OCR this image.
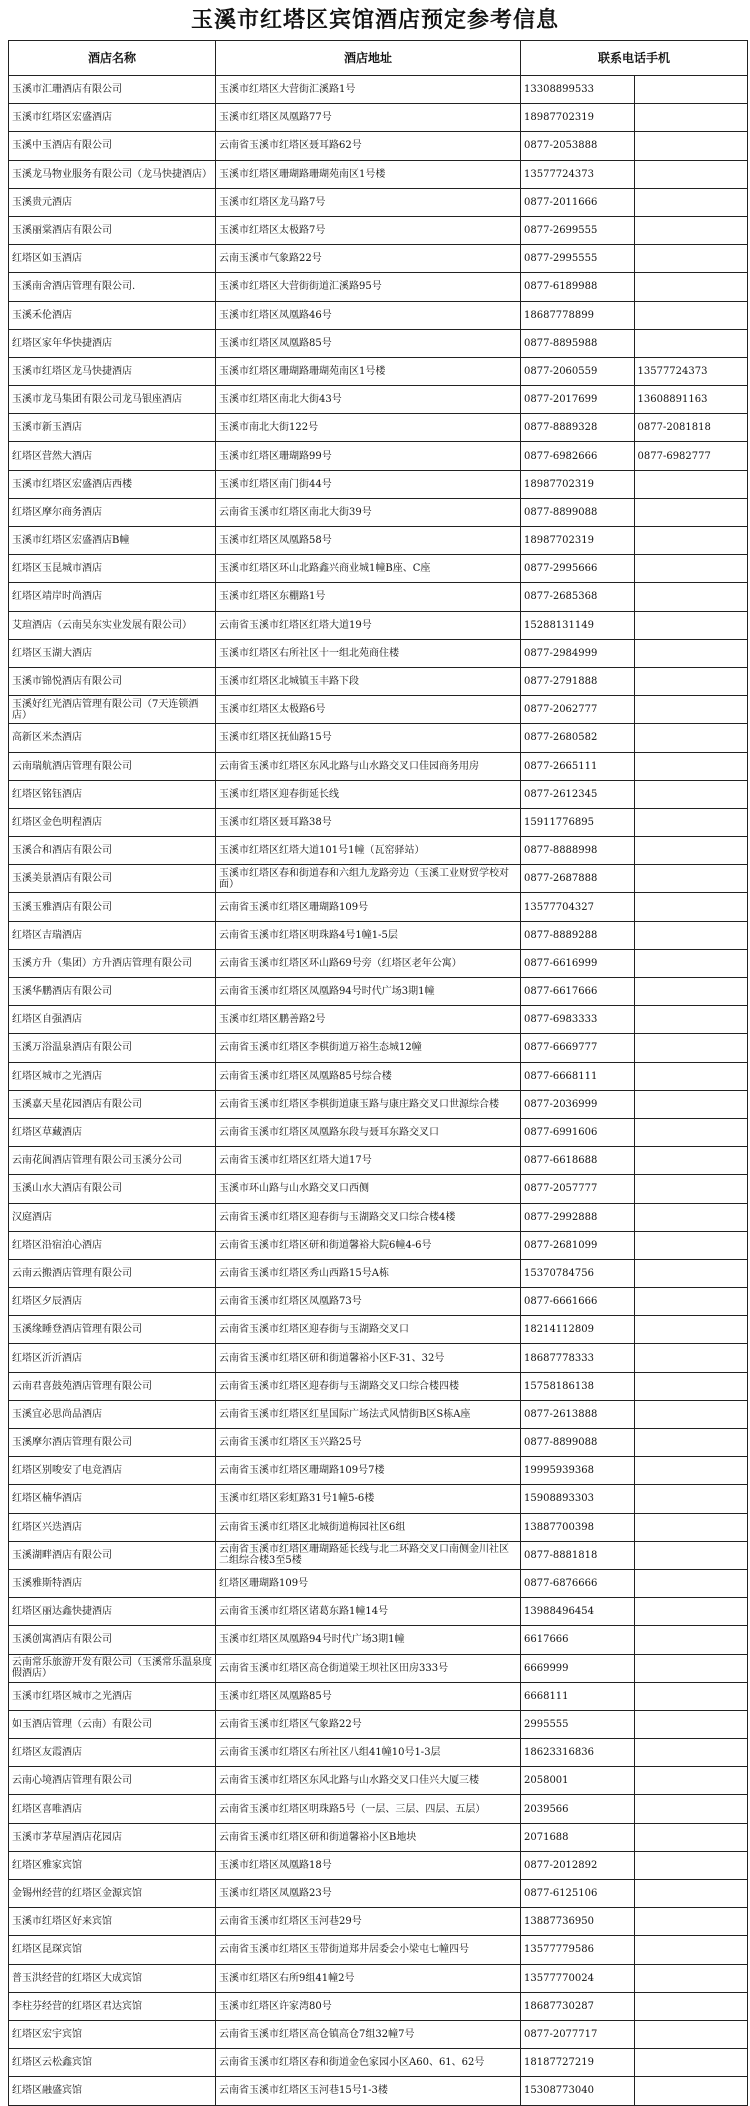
玉溪市红塔区宾馆酒店预定参考信息
酒店名称	酒店地址	联系电话手机	
玉溪市汇珊酒店有限公司	玉溪市红塔区大营街汇溪路1号	13308899533	
玉溪市红塔区宏盛酒店	玉溪市红塔区凤凰路77号	18987702319	
玉溪中玉酒店有限公司	云南省玉溪市红塔区聂耳路62号	0877-2053888	
玉溪龙马物业服务有限公司（龙马快捷酒店）	玉溪市红塔区珊瑚路珊瑚苑南区1号楼	13577724373	
玉溪贵元酒店	玉溪市红塔区龙马路7号	0877-2011666	
玉溪丽棠酒店有限公司	玉溪市红塔区太极路7号	0877-2699555	
红塔区如玉酒店	云南玉溪市气象路22号	0877-2995555	
玉溪南舍酒店管理有限公司.	玉溪市红塔区大营街街道汇溪路95号	0877-6189988	
玉溪禾伦酒店	玉溪市红塔区凤凰路46号	18687778899	
红塔区家年华快捷酒店	玉溪市红塔区凤凰路85号	0877-8895988	
玉溪市红塔区龙马快捷酒店	玉溪市红塔区珊瑚路珊瑚苑南区1号楼	0877-2060559	13577724373
玉溪市龙马集团有限公司龙马银座酒店	玉溪市红塔区南北大街43号	0877-2017699	13608891163
玉溪市新玉酒店	玉溪市南北大街122号	0877-8889328	0877-2081818
红塔区营然大酒店	玉溪市红塔区珊瑚路99号	0877-6982666	0877-6982777
玉溪市红塔区宏盛酒店西楼	玉溪市红塔区南门街44号	18987702319	
红塔区摩尔商务酒店	云南省玉溪市红塔区南北大街39号	0877-8899088	
玉溪市红塔区宏盛酒店B幢	玉溪市红塔区凤凰路58号	18987702319	
红塔区玉昆城市酒店	玉溪市红塔区环山北路鑫兴商业城1幢B座、C座	0877-2995666	
红塔区靖岸时尚酒店	玉溪市红塔区东棚路1号	0877-2685368	
艾瑄酒店（云南吴东实业发展有限公司）	云南省玉溪市红塔区红塔大道19号	15288131149	
红塔区玉湖大酒店	玉溪市红塔区右所社区十一组北苑商住楼	0877-2984999	
玉溪市锦悦酒店有限公司	玉溪市红塔区北城镇玉丰路下段	0877-2791888	
玉溪好红光酒店管理有限公司（7天连锁酒店）	玉溪市红塔区太极路6号	0877-2062777	
高新区米杰酒店	玉溪市红塔区抚仙路15号	0877-2680582	
云南瑞航酒店管理有限公司	云南省玉溪市红塔区东风北路与山水路交叉口佳园商务用房	0877-2665111	
红塔区铭钰酒店	玉溪市红塔区迎春街延长线	0877-2612345	
红塔区金色明程酒店	玉溪市红塔区聂耳路38号	15911776895	
玉溪合和酒店有限公司	玉溪市红塔区红塔大道101号1幢（瓦窑驿站）	0877-8888998	
玉溪美景酒店有限公司	玉溪市红塔区春和街道春和六组九龙路旁边（玉溪工业财贸学校对面）	0877-2687888	
玉溪玉雅酒店有限公司	云南省玉溪市红塔区珊瑚路109号	13577704327	
红塔区吉瑞酒店	云南省玉溪市红塔区明珠路4号1幢1-5层	0877-8889288	
玉溪方升（集团）方升酒店管理有限公司	云南省玉溪市红塔区环山路69号旁（红塔区老年公寓）	0877-6616999	
玉溪华鹏酒店有限公司	云南省玉溪市红塔区凤凰路94号时代广场3期1幢	0877-6617666	
红塔区自强酒店	玉溪市红塔区鹏善路2号	0877-6983333	
玉溪万浴温泉酒店有限公司	云南省玉溪市红塔区李棋街道万裕生态城12幢	0877-6669777	
红塔区城市之光酒店	云南省玉溪市红塔区凤凰路85号综合楼	0877-6668111	
玉溪嘉天星花园酒店有限公司	云南省玉溪市红塔区李棋街道康玉路与康庄路交叉口世源综合楼	0877-2036999	
红塔区草藏酒店	云南省玉溪市红塔区凤凰路东段与聂耳东路交叉口	0877-6991606	
云南花阆酒店管理有限公司玉溪分公司	云南省玉溪市红塔区红塔大道17号	0877-6618688	
玉溪山水大酒店有限公司	玉溪市环山路与山水路交叉口西侧	0877-2057777	
汉庭酒店	云南省玉溪市红塔区迎春街与玉湖路交叉口综合楼4楼	0877-2992888	
红塔区沿宿泊心酒店	云南省玉溪市红塔区研和街道馨裕大院6幢4-6号	0877-2681099	
云南云搬酒店管理有限公司	云南省玉溪市红塔区秀山西路15号A栋	15370784756	
红塔区夕辰酒店	云南省玉溪市红塔区凤凰路73号	0877-6661666	
玉溪缘睡登酒店管理有限公司	云南省玉溪市红塔区迎春街与玉湖路交叉口	18214112809	
红塔区沂沂酒店	云南省玉溪市红塔区研和街道馨裕小区F-31、32号	18687778333	
云南君喜鼓苑酒店管理有限公司	云南省玉溪市红塔区迎春街与玉湖路交叉口综合楼四楼	15758186138	
玉溪宜必思尚品酒店	云南省玉溪市红塔区红星国际广场法式风情街B区S栋A座	0877-2613888	
玉溪摩尔酒店管理有限公司	云南省玉溪市红塔区玉兴路25号	0877-8899088	
红塔区别唆安了电竞酒店	云南省玉溪市红塔区珊瑚路109号7楼	19995939368	
红塔区楠华酒店	玉溪市红塔区彩虹路31号1幢5-6楼	15908893303	
红塔区兴迭酒店	云南省玉溪市红塔区北城街道梅园社区6组	13887700398	
玉溪湖畔酒店有限公司	云南省玉溪市红塔区珊瑚路延长线与北二环路交叉口南侧金川社区二组综合楼3至5楼	0877-8881818	
玉溪雅斯特酒店	红塔区珊瑚路109号	0877-6876666	
红塔区丽达鑫快捷酒店	云南省玉溪市红塔区诸葛东路1幢14号	13988496454	
玉溪创寓酒店有限公司	玉溪市红塔区凤凰路94号时代广场3期1幢	6617666	
云南常乐旅游开发有限公司（玉溪常乐温泉度假酒店）	云南省玉溪市红塔区高仓街道梁王坝社区田房333号	6669999	
玉溪市红塔区城市之光酒店	玉溪市红塔区凤凰路85号	6668111	
如玉酒店管理（云南）有限公司	云南省玉溪市红塔区气象路22号	2995555	
红塔区友霞酒店	云南省玉溪市红塔区右所社区八组41幢10号1-3层	18623316836	
云南心境酒店管理有限公司	云南省玉溪市红塔区东风北路与山水路交叉口佳兴大厦三楼	2058001	
红塔区喜唯酒店	云南省玉溪市红塔区明珠路5号（一层、三层、四层、五层）	2039566	
玉溪市茅草屋酒店花园店	云南省玉溪市红塔区研和街道馨裕小区B地块	2071688	
红塔区雅家宾馆	玉溪市红塔区凤凰路18号	0877-2012892	
金锡州经营的红塔区金源宾馆	玉溪市红塔区凤凰路23号	0877-6125106	
玉溪市红塔区好来宾馆	云南省玉溪市红塔区玉河巷29号	13887736950	
红塔区昆琛宾馆	云南省玉溪市红塔区玉带街道郑井居委会小梁屯七幢四号	13577779586	
普玉洪经营的红塔区大成宾馆	玉溪市红塔区右所9组41幢2号	13577770024	
李柱芬经营的红塔区君达宾馆	玉溪市红塔区许家湾80号	18687730287	
红塔区宏宇宾馆	云南省玉溪市红塔区高仓镇高仓7组32幢7号	0877-2077717	
红塔区云松鑫宾馆	云南省玉溪市红塔区春和街道金色家园小区A60、61、62号	18187727219	
红塔区融盛宾馆	云南省玉溪市红塔区玉河巷15号1-3楼	15308773040	
